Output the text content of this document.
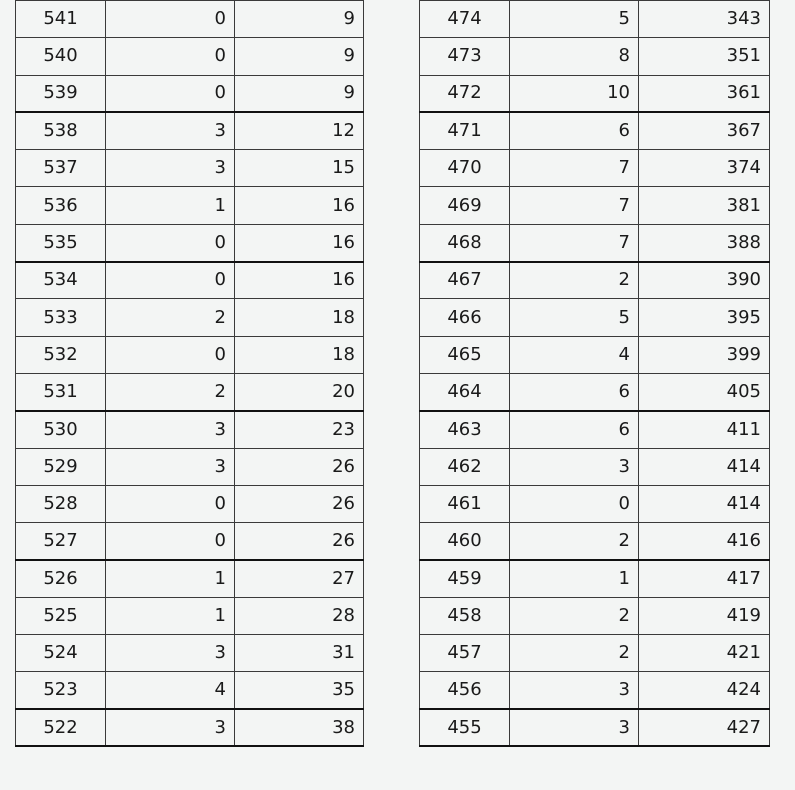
541	0	9
540	0	9
539	0	9
538	3	12
537	3	15
536	1	16
535	0	16
534	0	16
533	2	18
532	0	18
531	2	20
530	3	23
529	3	26
528	0	26
527	0	26
526	1	27
525	1	28
524	3	31
523	4	35
522	3	38
474	5	343
473	8	351
472	10	361
471	6	367
470	7	374
469	7	381
468	7	388
467	2	390
466	5	395
465	4	399
464	6	405
463	6	411
462	3	414
461	0	414
460	2	416
459	1	417
458	2	419
457	2	421
456	3	424
455	3	427
